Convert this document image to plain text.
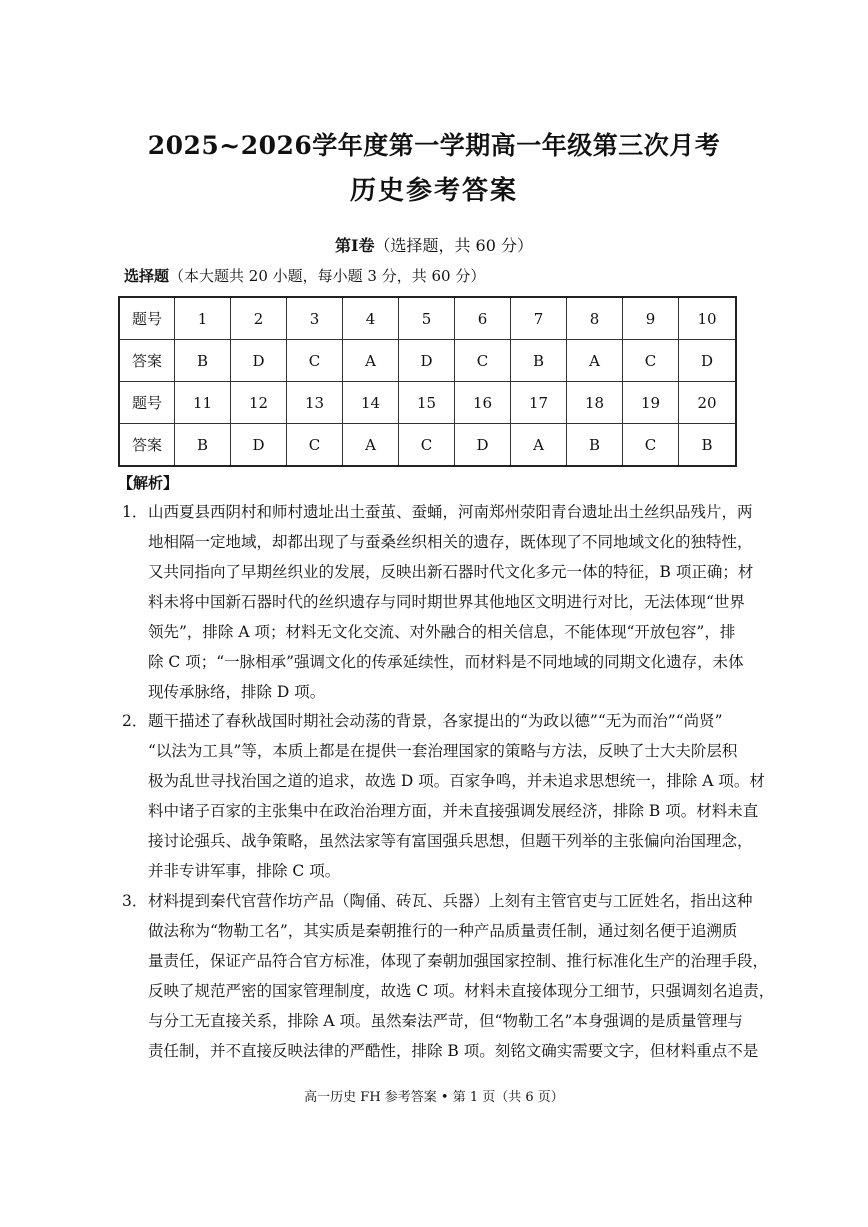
2025~2026学年度第一学期高一年级第三次月考
历史参考答案
第Ⅰ卷（选择题，共 60 分）
选择题（本大题共 20 小题，每小题 3 分，共 60 分）
题号	1	2	3	4	5	6	7	8	9	10
答案	B	D	C	A	D	C	B	A	C	D
题号	11	12	13	14	15	16	17	18	19	20
答案	B	D	C	A	C	D	A	B	C	B
【解析】
1． 山西夏县西阴村和师村遗址出土蚕茧、蚕蛹，河南郑州荥阳青台遗址出土丝织品残片，两
地相隔一定地域，却都出现了与蚕桑丝织相关的遗存，既体现了不同地域文化的独特性，
又共同指向了早期丝织业的发展，反映出新石器时代文化多元一体的特征，B 项正确；材
料未将中国新石器时代的丝织遗存与同时期世界其他地区文明进行对比，无法体现“世界
领先”，排除 A 项；材料无文化交流、对外融合的相关信息，不能体现“开放包容”，排
除 C 项；“一脉相承”强调文化的传承延续性，而材料是不同地域的同期文化遗存，未体
现传承脉络，排除 D 项。
2． 题干描述了春秋战国时期社会动荡的背景，各家提出的“为政以德”“无为而治”“尚贤”
“以法为工具”等，本质上都是在提供一套治理国家的策略与方法，反映了士大夫阶层积
极为乱世寻找治国之道的追求，故选 D 项。百家争鸣，并未追求思想统一，排除 A 项。材
料中诸子百家的主张集中在政治治理方面，并未直接强调发展经济，排除 B 项。材料未直
接讨论强兵、战争策略，虽然法家等有富国强兵思想，但题干列举的主张偏向治国理念，
并非专讲军事，排除 C 项。
3． 材料提到秦代官营作坊产品（陶俑、砖瓦、兵器）上刻有主管官吏与工匠姓名，指出这种
做法称为“物勒工名”，其实质是秦朝推行的一种产品质量责任制，通过刻名便于追溯质
量责任，保证产品符合官方标准，体现了秦朝加强国家控制、推行标准化生产的治理手段，
反映了规范严密的国家管理制度，故选 C 项。材料未直接体现分工细节，只强调刻名追责，
与分工无直接关系，排除 A 项。虽然秦法严苛，但“物勒工名”本身强调的是质量管理与
责任制，并不直接反映法律的严酷性，排除 B 项。刻铭文确实需要文字，但材料重点不是
高一历史 FH 参考答案 • 第 1 页（共 6 页）
